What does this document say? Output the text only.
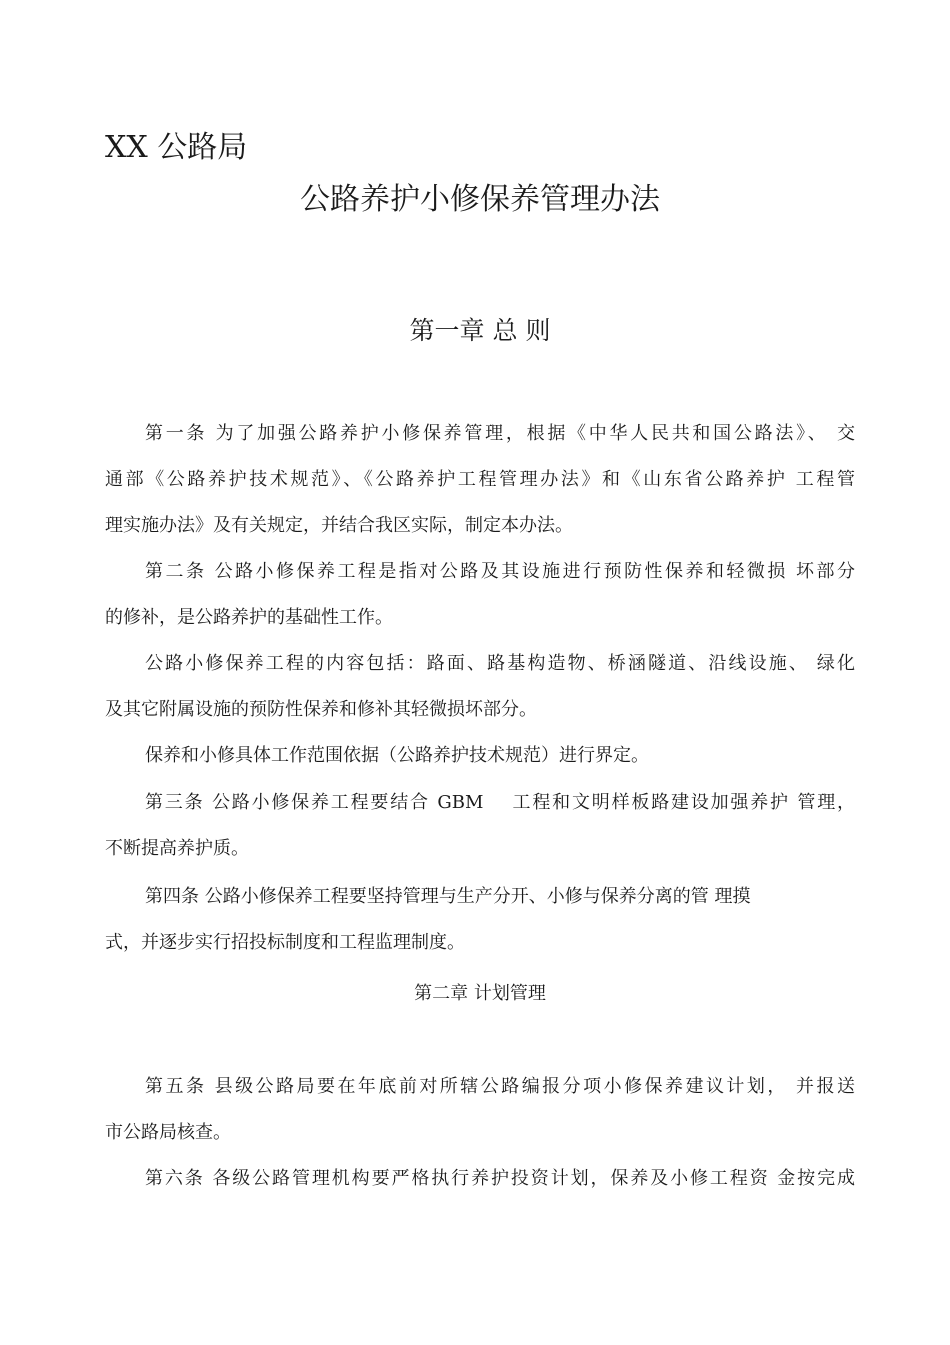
XX 公路局
公路养护小修保养管理办法
第一章 总 则
第一条 为了加强公路养护小修保养管理，根据《中华人民共和国公路法》、 交
通部《公路养护技术规范》、《公路养护工程管理办法》和《山东省公路养护 工程管
理实施办法》及有关规定，并结合我区实际，制定本办法。
第二条 公路小修保养工程是指对公路及其设施进行预防性保养和轻微损 坏部分
的修补，是公路养护的基础性工作。
公路小修保养工程的内容包括：路面、路基构造物、桥涵隧道、沿线设施、 绿化
及其它附属设施的预防性保养和修补其轻微损坏部分。
保养和小修具体工作范围依据（公路养护技术规范）进行界定。
第三条 公路小修保养工程要结合 GBM　 工程和文明样板路建设加强养护 管理，
不断提高养护质。
第四条 公路小修保养工程要坚持管理与生产分开、小修与保养分离的管 理摸
式，并逐步实行招投标制度和工程监理制度。
第二章 计划管理
第五条 县级公路局要在年底前对所辖公路编报分项小修保养建议计划， 并报送
市公路局核查。
第六条 各级公路管理机构要严格执行养护投资计划，保养及小修工程资 金按完成
